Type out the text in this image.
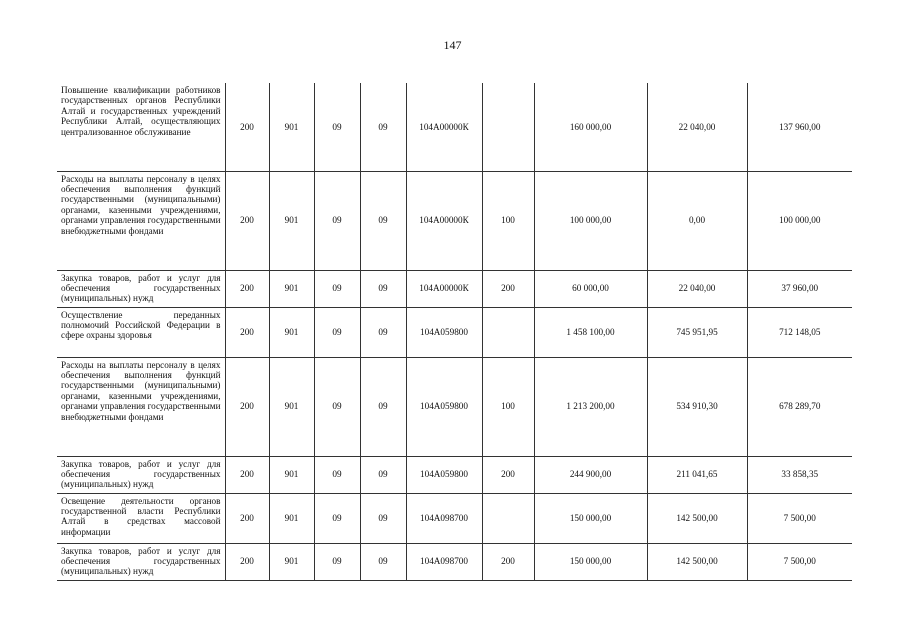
147
Повышение квалификации работников государственных органов Республики Алтай и государственных учреждений Республики Алтай, осуществляющих централизованное обслуживание	200	901	09	09	104А00000К		160 000,00	22 040,00	137 960,00
Расходы на выплаты персоналу в целях обеспечения выполнения функций государственными (муниципальными) органами, казенными учреждениями, органами управления государственными внебюджетными фондами	200	901	09	09	104А00000К	100	100 000,00	0,00	100 000,00
Закупка товаров, работ и услуг для обеспечения государственных (муниципальных) нужд	200	901	09	09	104А00000К	200	60 000,00	22 040,00	37 960,00
Осуществление переданных полномочий Российской Федерации в сфере охраны здоровья	200	901	09	09	104А059800		1 458 100,00	745 951,95	712 148,05
Расходы на выплаты персоналу в целях обеспечения выполнения функций государственными (муниципальными) органами, казенными учреждениями, органами управления государственными внебюджетными фондами	200	901	09	09	104А059800	100	1 213 200,00	534 910,30	678 289,70
Закупка товаров, работ и услуг для обеспечения государственных (муниципальных) нужд	200	901	09	09	104А059800	200	244 900,00	211 041,65	33 858,35
Освещение деятельности органов государственной власти Республики Алтай в средствах массовой информации	200	901	09	09	104А098700		150 000,00	142 500,00	7 500,00
Закупка товаров, работ и услуг для обеспечения государственных (муниципальных) нужд	200	901	09	09	104А098700	200	150 000,00	142 500,00	7 500,00
